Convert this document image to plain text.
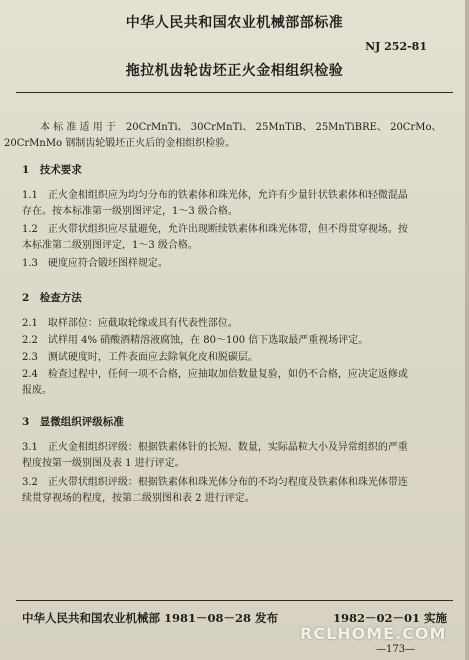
中华人民共和国农业机械部部标准
NJ 252-81
拖拉机齿轮齿坯正火金相组织检验
本 标 准 适 用 于　20CrMnTi、 30CrMnTi、 25MnTiB、 25MnTiBRE、 20CrMo、
20CrMnMo 钢制齿轮锻坯正火后的金相组织检验。
1　技术要求
1.1　正火金相组织应为均匀分布的铁素体和珠光体，允许有少量针状铁素体和轻微混晶
存在。按本标准第一级别图评定，1～3 级合格。
1.2　正火带状组织应尽量避免，允许出现断续铁素体和珠光体带，但不得贯穿视场。按
本标准第二级别图评定，1～3 级合格。
1.3　硬度应符合锻坯图样规定。
2　检查方法
2.1　取样部位：应截取轮缘或具有代表性部位。
2.2　试样用 4% 硝酸酒精溶液腐蚀，在 80～100 倍下选取最严重视场评定。
2.3　测试硬度时，工件表面应去除氧化皮和脱碳层。
2.4　检查过程中，任何一项不合格，应抽取加倍数量复验，如仍不合格，应决定返修或
报废。
3　显微组织评级标准
3.1　正火金相组织评级：根据铁素体针的长短、数量，实际晶粒大小及异常组织的严重
程度按第一级别图及表 1 进行评定。
3.2　正火带状组织评级：根据铁素体和珠光体分布的不均匀程度及铁素体和珠光体带连
续贯穿视场的程度，按第二级别图和表 2 进行评定。
中华人民共和国农业机械部 1981－08－28 发布	1982－02－01 实施
RCLHOME.COM
—173—
